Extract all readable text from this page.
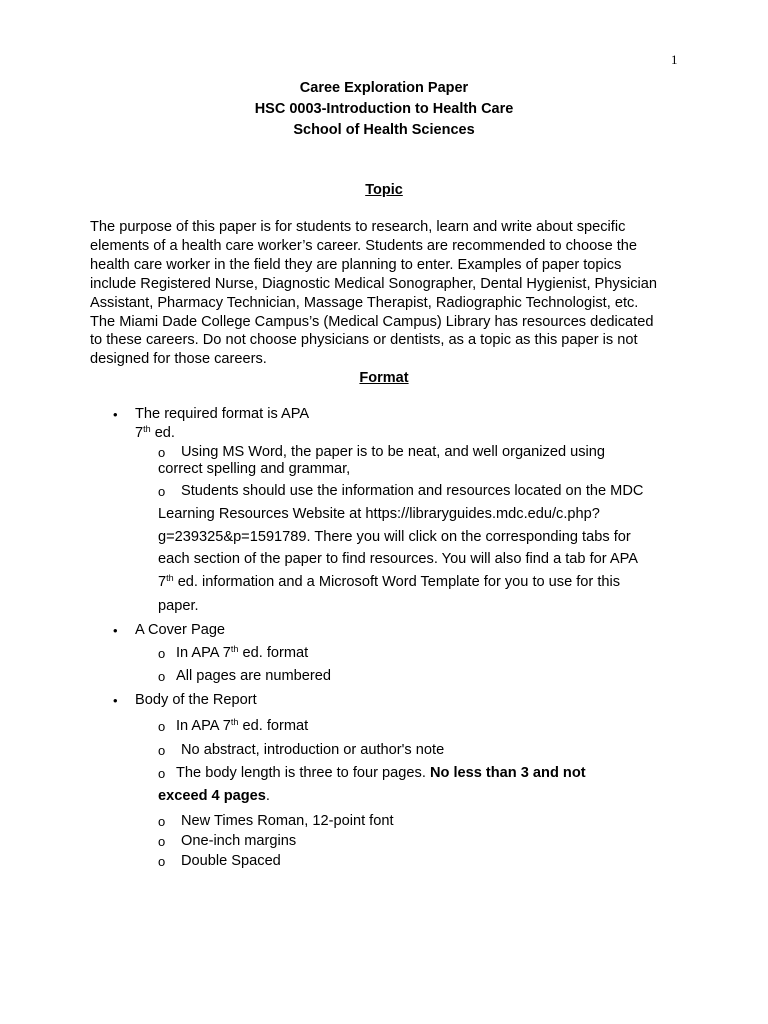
1
Caree Exploration Paper
HSC 0003-Introduction to Health Care
School of Health Sciences
Topic
The purpose of this paper is for students to research, learn and write about specific
elements of a health care worker’s career. Students are recommended to choose the
health care worker in the field they are planning to enter. Examples of paper topics
include Registered Nurse, Diagnostic Medical Sonographer, Dental Hygienist, Physician
Assistant, Pharmacy Technician, Massage Therapist, Radiographic Technologist, etc.
The Miami Dade College Campus’s (Medical Campus) Library has resources dedicated
to these careers. Do not choose physicians or dentists, as a topic as this paper is not
designed for those careers.
Format
• The required format is APA
7th ed.
o Using MS Word, the paper is to be neat, and well organized using
correct spelling and grammar,
o Students should use the information and resources located on the MDC
Learning Resources Website at https://libraryguides.mdc.edu/c.php?
g=239325&p=1591789. There you will click on the corresponding tabs for
each section of the paper to find resources. You will also find a tab for APA
7th ed. information and a Microsoft Word Template for you to use for this
paper.
• A Cover Page
o In APA 7th ed. format
o All pages are numbered
• Body of the Report
o In APA 7th ed. format
o No abstract, introduction or author's note
o The body length is three to four pages. No less than 3 and not
exceed 4 pages.
o New Times Roman, 12-point font
o One-inch margins
o Double Spaced
